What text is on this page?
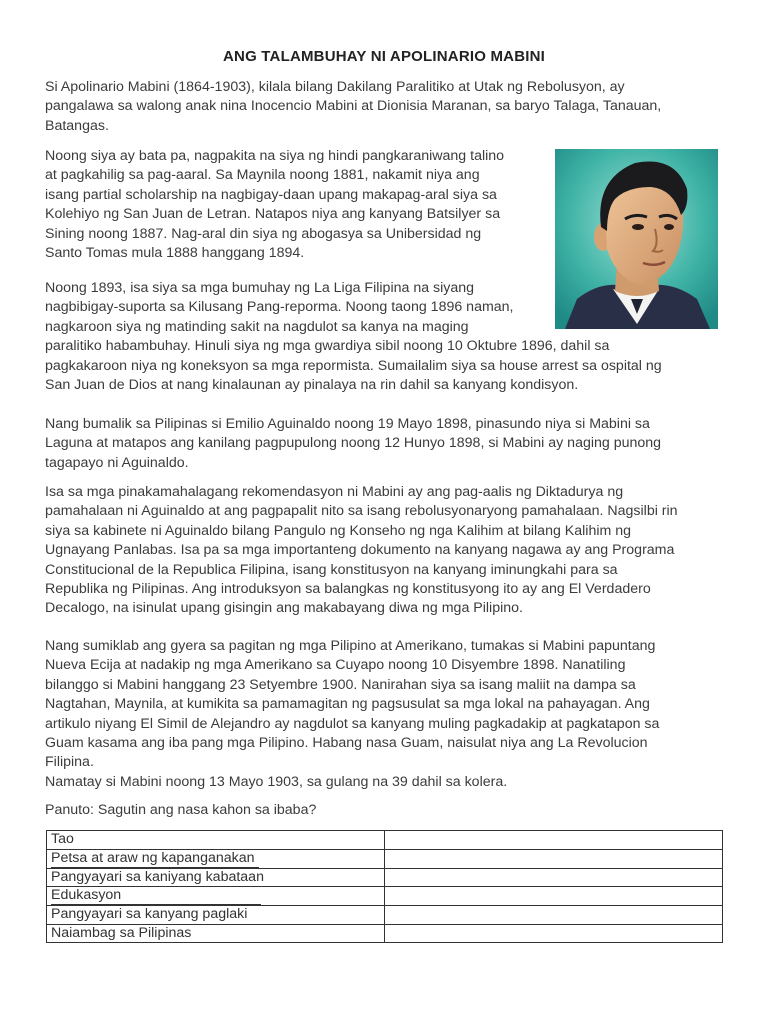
ANG TALAMBUHAY NI APOLINARIO MABINI

Si Apolinario Mabini (1864-1903), kilala bilang Dakilang Paralitiko at Utak ng Rebolusyon, ay
pangalawa sa walong anak nina Inocencio Mabini at Dionisia Maranan, sa baryo Talaga, Tanauan,
Batangas.

Noong siya ay bata pa, nagpakita na siya ng hindi pangkaraniwang talino
at pagkahilig sa pag-aaral. Sa Maynila noong 1881, nakamit niya ang
isang partial scholarship na nagbigay-daan upang makapag-aral siya sa
Kolehiyo ng San Juan de Letran. Natapos niya ang kanyang Batsilyer sa
Sining noong 1887. Nag-aral din siya ng abogasya sa Unibersidad ng
Santo Tomas mula 1888 hanggang 1894.

Noong 1893, isa siya sa mga bumuhay ng La Liga Filipina na siyang
nagbibigay-suporta sa Kilusang Pang-reporma. Noong taong 1896 naman,
nagkaroon siya ng matinding sakit na nagdulot sa kanya na maging
paralitiko habambuhay. Hinuli siya ng mga gwardiya sibil noong 10 Oktubre 1896, dahil sa
pagkakaroon niya ng koneksyon sa mga repormista. Sumailalim siya sa house arrest sa ospital ng
San Juan de Dios at nang kinalaunan ay pinalaya na rin dahil sa kanyang kondisyon.

Nang bumalik sa Pilipinas si Emilio Aguinaldo noong 19 Mayo 1898, pinasundo niya si Mabini sa
Laguna at matapos ang kanilang pagpupulong noong 12 Hunyo 1898, si Mabini ay naging punong
tagapayo ni Aguinaldo.

Isa sa mga pinakamahalagang rekomendasyon ni Mabini ay ang pag-aalis ng Diktadurya ng
pamahalaan ni Aguinaldo at ang pagpapalit nito sa isang rebolusyonaryong pamahalaan. Nagsilbi rin
siya sa kabinete ni Aguinaldo bilang Pangulo ng Konseho ng nga Kalihim at bilang Kalihim ng
Ugnayang Panlabas. Isa pa sa mga importanteng dokumento na kanyang nagawa ay ang Programa
Constitucional de la Republica Filipina, isang konstitusyon na kanyang iminungkahi para sa
Republika ng Pilipinas. Ang introduksyon sa balangkas ng konstitusyong ito ay ang El Verdadero
Decalogo, na isinulat upang gisingin ang makabayang diwa ng mga Pilipino.

Nang sumiklab ang gyera sa pagitan ng mga Pilipino at Amerikano, tumakas si Mabini papuntang
Nueva Ecija at nadakip ng mga Amerikano sa Cuyapo noong 10 Disyembre 1898. Nanatiling
bilanggo si Mabini hanggang 23 Setyembre 1900. Nanirahan siya sa isang maliit na dampa sa
Nagtahan, Maynila, at kumikita sa pamamagitan ng pagsusulat sa mga lokal na pahayagan. Ang
artikulo niyang El Simil de Alejandro ay nagdulot sa kanyang muling pagkadakip at pagkatapon sa
Guam kasama ang iba pang mga Pilipino. Habang nasa Guam, naisulat niya ang La Revolucion
Filipina.
Namatay si Mabini noong 13 Mayo 1903, sa gulang na 39 dahil sa kolera.

Panuto: Sagutin ang nasa kahon sa ibaba?

Tao	
Petsa at araw ng kapanganakan	
Pangyayari sa kaniyang kabataan	
Edukasyon	
Pangyayari sa kanyang paglaki	
Naiambag sa Pilipinas	
